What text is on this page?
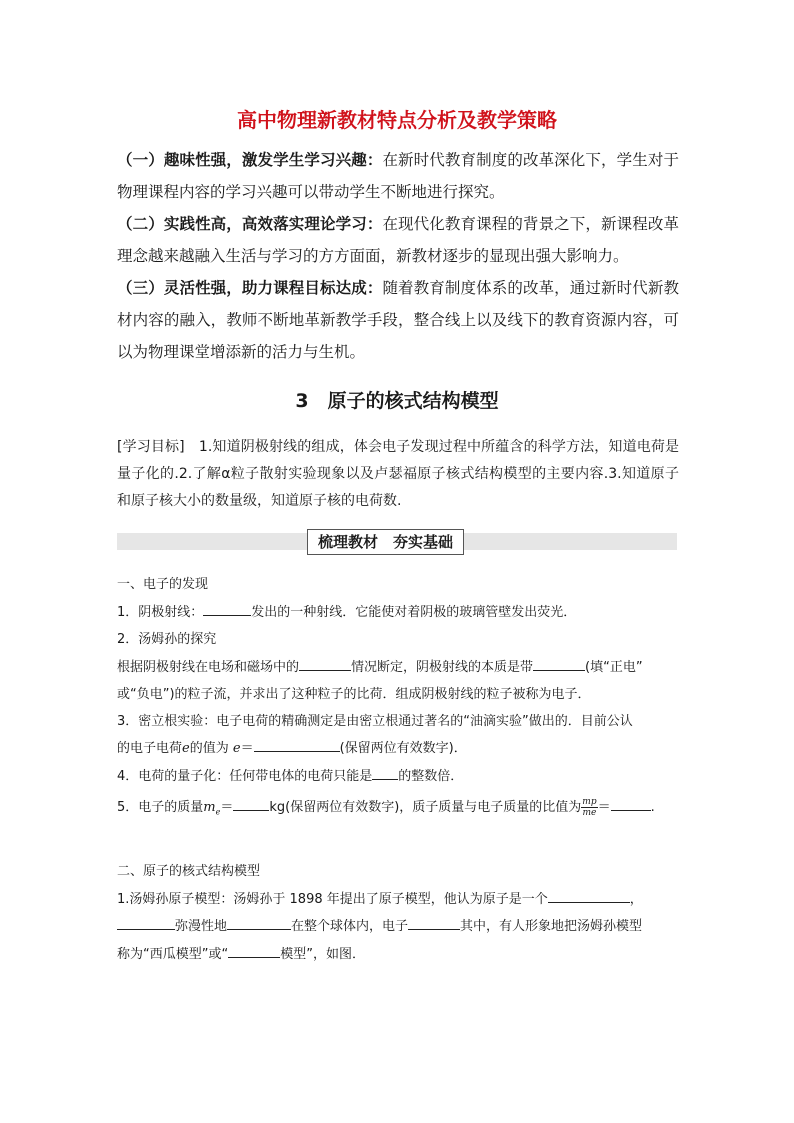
高中物理新教材特点分析及教学策略
（一）趣味性强，激发学生学习兴趣：在新时代教育制度的改革深化下，学生对于物理课程内容的学习兴趣可以带动学生不断地进行探究。
（二）实践性高，高效落实理论学习：在现代化教育课程的背景之下，新课程改革理念越来越融入生活与学习的方方面面，新教材逐步的显现出强大影响力。
（三）灵活性强，助力课程目标达成：随着教育制度体系的改革，通过新时代新教材内容的融入，教师不断地革新教学手段，整合线上以及线下的教育资源内容，可以为物理课堂增添新的活力与生机。
3　原子的核式结构模型
[学习目标]　1.知道阴极射线的组成，体会电子发现过程中所蕴含的科学方法，知道电荷是量子化的.2.了解α粒子散射实验现象以及卢瑟福原子核式结构模型的主要内容.3.知道原子和原子核大小的数量级，知道原子核的电荷数.
梳理教材　夯实基础
一、电子的发现
1．阴极射线：	发出的一种射线．它能使对着阴极的玻璃管壁发出荧光．
2．汤姆孙的探究
根据阴极射线在电场和磁场中的	情况断定，阴极射线的本质是带	(填“正电”
或“负电”)的粒子流，并求出了这种粒子的比荷．组成阴极射线的粒子被称为电子．
3．密立根实验：电子电荷的精确测定是由密立根通过著名的“油滴实验”做出的．目前公认
的电子电荷e的值为 e＝	(保留两位有效数字)．
4．电荷的量子化：任何带电体的电荷只能是 的整数倍．
5．电子的质量$m_e=$	kg(保留两位有效数字)，质子质量与电子质量的比值为 $\frac{mp}{me}$ ＝	.
二、原子的核式结构模型
1.汤姆孙原子模型：汤姆孙于 1898 年提出了原子模型，他认为原子是一个	，
弥漫性地	在整个球体内，电子	其中，有人形象地把汤姆孙模型
称为“西瓜模型”或“	模型”，如图．
